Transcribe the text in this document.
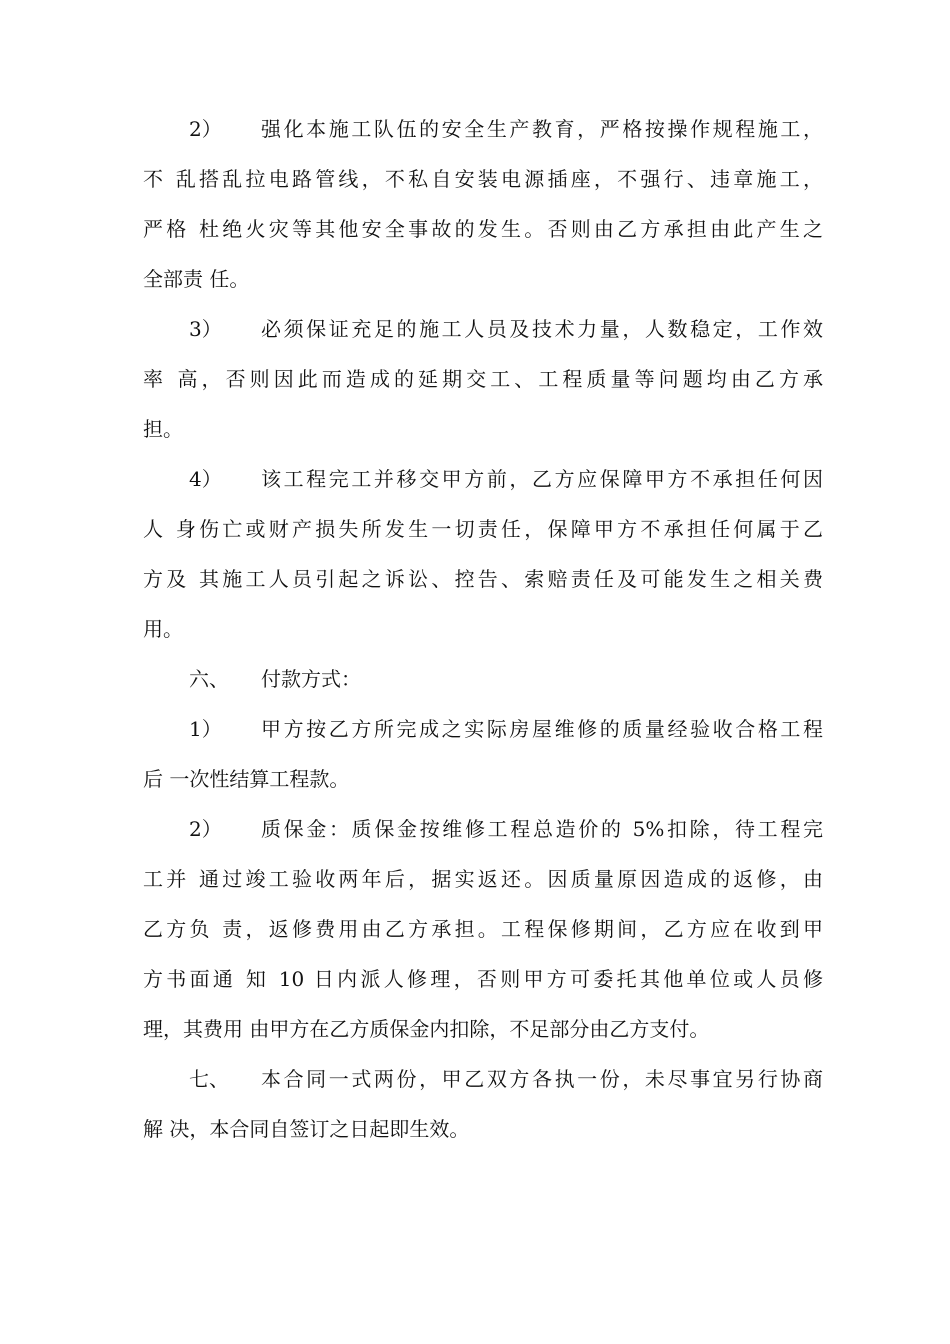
2）	强化本施工队伍的安全生产教育，严格按操作规程施工，
不 乱搭乱拉电路管线，不私自安装电源插座，不强行、违章施工，
严格 杜绝火灾等其他安全事故的发生。否则由乙方承担由此产生之
全部责 任。
3）	必须保证充足的施工人员及技术力量，人数稳定，工作效
率 高，否则因此而造成的延期交工、工程质量等问题均由乙方承
担。
4）	该工程完工并移交甲方前，乙方应保障甲方不承担任何因
人 身伤亡或财产损失所发生一切责任，保障甲方不承担任何属于乙
方及 其施工人员引起之诉讼、控告、索赔责任及可能发生之相关费
用。
六、	付款方式：
1）	甲方按乙方所完成之实际房屋维修的质量经验收合格工程
后 一次性结算工程款。
2）	质保金：质保金按维修工程总造价的 5%扣除，待工程完
工并 通过竣工验收两年后，据实返还。因质量原因造成的返修，由
乙方负 责，返修费用由乙方承担。工程保修期间，乙方应在收到甲
方书面通 知 10 日内派人修理，否则甲方可委托其他单位或人员修
理，其费用 由甲方在乙方质保金内扣除，不足部分由乙方支付。
七、	本合同一式两份，甲乙双方各执一份，未尽事宜另行协商
解 决，本合同自签订之日起即生效。
